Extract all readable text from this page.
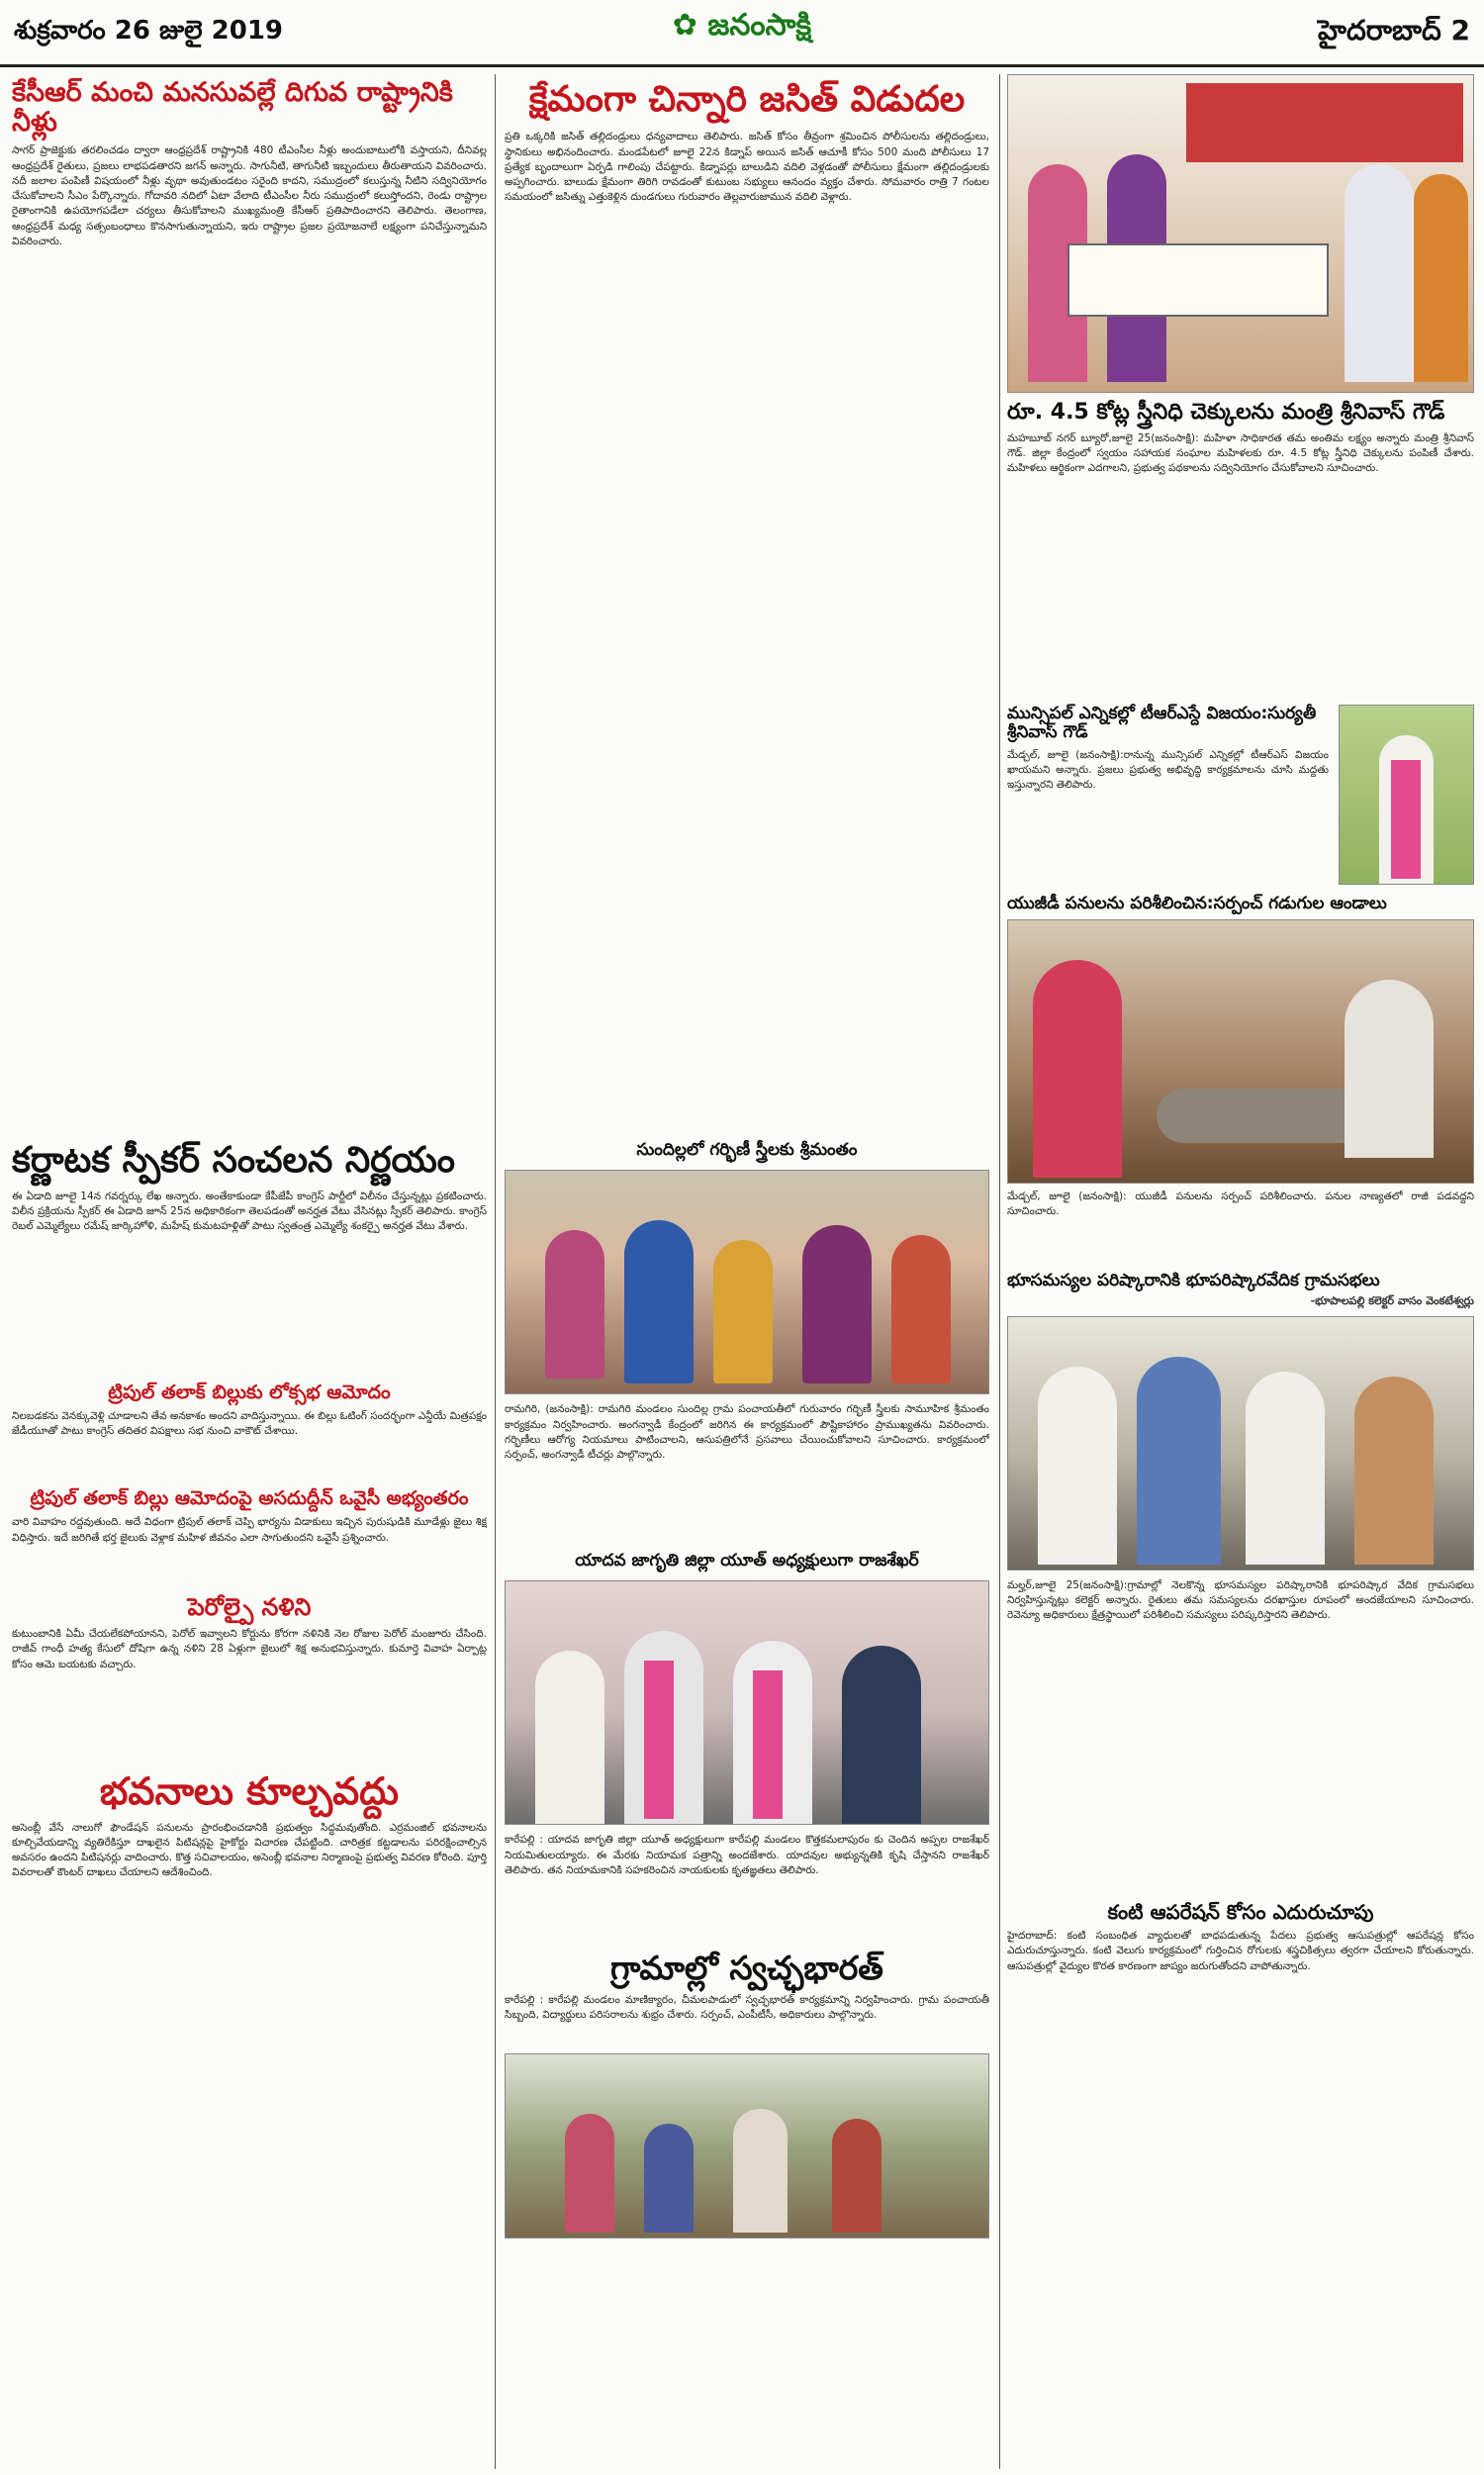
శుక్రవారం 26 జులై 2019	✿ జనంసాక్షి	హైదరాబాద్ 2
కేసీఆర్ మంచి మనసువల్లే దిగువ రాష్ట్రానికి నీళ్లు
సాగర్ ప్రాజెక్టుకు తరలించడం ద్వారా ఆంధ్రప్రదేశ్ రాష్ట్రానికి 480 టీఎంసీల నీళ్లు అందుబాటులోకి వస్తాయని, దీనివల్ల ఆంధ్రప్రదేశ్ రైతులు, ప్రజలు లాభపడతారని జగన్ అన్నారు. సాగునీటి, తాగునీటి ఇబ్బందులు తీరుతాయని వివరించారు. నదీ జలాల పంపిణీ విషయంలో నీళ్లు వృథా అవుతుండటం సరైంది కాదని, సముద్రంలో కలుస్తున్న నీటిని సద్వినియోగం చేసుకోవాలని సీఎం పేర్కొన్నారు. గోదావరి నదిలో ఏటా వేలాది టీఎంసీల నీరు సముద్రంలో కలుస్తోందని, రెండు రాష్ట్రాల రైతాంగానికి ఉపయోగపడేలా చర్యలు తీసుకోవాలని ముఖ్యమంత్రి కేసీఆర్ ప్రతిపాదించారని తెలిపారు. తెలంగాణ, ఆంధ్రప్రదేశ్ మధ్య సత్సంబంధాలు కొనసాగుతున్నాయని, ఇరు రాష్ట్రాల ప్రజల ప్రయోజనాలే లక్ష్యంగా పనిచేస్తున్నామని వివరించారు.
కర్ణాటక స్పీకర్ సంచలన నిర్ణయం
ఈ ఏడాది జూలై 14న గవర్నర్కు లేఖ అన్నారు. అంతేకాకుండా కేపీజేపీ కాంగ్రెస్ పార్టీలో విలీనం చేస్తున్నట్లు ప్రకటించారు. విలీన ప్రక్రియను స్పీకర్ ఈ ఏడాది జూన్ 25న అధికారికంగా తెలపడంతో అనర్హత వేటు వేసినట్లు స్పీకర్ తెలిపారు. కాంగ్రెస్ రెబల్ ఎమ్మెల్యేలు రమేష్ జార్కిహోళి, మహేష్ కుమటహళ్లితో పాటు స్వతంత్ర ఎమ్మెల్యే శంకర్పై అనర్హత వేటు వేశారు.
ట్రిపుల్ తలాక్ బిల్లుకు లోక్సభ ఆమోదం
నిలబడకను వెనక్కువెళ్లి చూడాలని తేవ అనకాశం అందని వాదిస్తున్నాయి. ఈ బిల్లు ఓటింగ్ సందర్భంగా ఎన్డీయే మిత్రపక్షం జేడీయూతో పాటు కాంగ్రెస్ తదితర విపక్షాలు సభ నుంచి వాకౌట్ చేశాయి.
ట్రిపుల్ తలాక్ బిల్లు ఆమోదంపై అసదుద్దీన్ ఒవైసీ అభ్యంతరం
వారి వివాహం రద్దవుతుంది. అదే విధంగా ట్రిపుల్ తలాక్ చెప్పి భార్యను విడాకులు ఇచ్చిన పురుషుడికి మూడేళ్లు జైలు శిక్ష విధిస్తారు. ఇదే జరిగితే భర్త జైలుకు వెళ్లాక మహిళ జీవనం ఎలా సాగుతుందని ఒవైసీ ప్రశ్నించారు.
పెరోల్పై నళిని
కుటుంబానికి ఏమీ చేయలేకపోయానని, పెరోల్ ఇవ్వాలని కోర్టును కోరగా నళినికి నెల రోజుల పెరోల్ మంజూరు చేసింది. రాజీవ్ గాంధీ హత్య కేసులో దోషిగా ఉన్న నళిని 28 ఏళ్లుగా జైలులో శిక్ష అనుభవిస్తున్నారు. కుమార్తె వివాహ ఏర్పాట్ల కోసం ఆమె బయటకు వచ్చారు.
భవనాలు కూల్చవద్దు
అసెంబ్లీ వేసే నాలుగో ఫౌండేషన్ పనులను ప్రారంభించడానికి ప్రభుత్వం సిద్ధమవుతోంది. ఎర్రమంజిల్ భవనాలను కూల్చివేయడాన్ని వ్యతిరేకిస్తూ దాఖలైన పిటిషన్లపై హైకోర్టు విచారణ చేపట్టింది. చారిత్రక కట్టడాలను పరిరక్షించాల్సిన అవసరం ఉందని పిటిషనర్లు వాదించారు. కొత్త సచివాలయం, అసెంబ్లీ భవనాల నిర్మాణంపై ప్రభుత్వ వివరణ కోరింది. పూర్తి వివరాలతో కౌంటర్ దాఖలు చేయాలని ఆదేశించింది.
క్షేమంగా చిన్నారి జసిత్ విడుదల
ప్రతి ఒక్కరికి జసిత్ తల్లిదండ్రులు ధన్యవాదాలు తెలిపారు. జసిత్ కోసం తీవ్రంగా శ్రమించిన పోలీసులను తల్లిదండ్రులు, స్థానికులు అభినందించారు. మండపేటలో జూలై 22న కిడ్నాప్ అయిన జసిత్ ఆచూకీ కోసం 500 మంది పోలీసులు 17 ప్రత్యేక బృందాలుగా ఏర్పడి గాలింపు చేపట్టారు. కిడ్నాపర్లు బాలుడిని వదిలి వెళ్లడంతో పోలీసులు క్షేమంగా తల్లిదండ్రులకు అప్పగించారు. బాలుడు క్షేమంగా తిరిగి రావడంతో కుటుంబ సభ్యులు ఆనందం వ్యక్తం చేశారు. సోమవారం రాత్రి 7 గంటల సమయంలో జసిత్ను ఎత్తుకెళ్లిన దుండగులు గురువారం తెల్లవారుజామున వదిలి వెళ్లారు.
సుందిల్లలో గర్భిణీ స్త్రీలకు శ్రీమంతం
రామగిరి, (జనంసాక్షి): రామగిరి మండలం సుందిల్ల గ్రామ పంచాయతీలో గురువారం గర్భిణీ స్త్రీలకు సామూహిక శ్రీమంతం కార్యక్రమం నిర్వహించారు. అంగన్వాడీ కేంద్రంలో జరిగిన ఈ కార్యక్రమంలో పౌష్టికాహారం ప్రాముఖ్యతను వివరించారు. గర్భిణీలు ఆరోగ్య నియమాలు పాటించాలని, ఆసుపత్రిలోనే ప్రసవాలు చేయించుకోవాలని సూచించారు. కార్యక్రమంలో సర్పంచ్, అంగన్వాడీ టీచర్లు పాల్గొన్నారు.
యాదవ జాగృతి జిల్లా యూత్ అధ్యక్షులుగా రాజశేఖర్
కారేపల్లి : యాదవ జాగృతి జిల్లా యూత్ అధ్యక్షులుగా కారేపల్లి మండలం కొత్తకమలాపురం కు చెందిన అప్పల రాజశేఖర్ నియమితులయ్యారు. ఈ మేరకు నియామక పత్రాన్ని అందజేశారు. యాదవుల అభ్యున్నతికి కృషి చేస్తానని రాజశేఖర్ తెలిపారు. తన నియామకానికి సహకరించిన నాయకులకు కృతజ్ఞతలు తెలిపారు.
గ్రామాల్లో స్వచ్ఛభారత్
కారేపల్లి : కారేపల్లి మండలం మాణిక్యారం, చీమలపాడులో స్వచ్ఛభారత్ కార్యక్రమాన్ని నిర్వహించారు. గ్రామ పంచాయతీ సిబ్బంది, విద్యార్థులు పరిసరాలను శుభ్రం చేశారు. సర్పంచ్, ఎంపీటీసీ, అధికారులు పాల్గొన్నారు.
రూ. 4.5 కోట్ల స్త్రీనిధి చెక్కులను మంత్రి శ్రీనివాస్ గౌడ్
మహబూబ్ నగర్ బ్యూరో,జూలై 25(జనంసాక్షి): మహిళా సాధికారత తమ అంతిమ లక్ష్యం అన్నారు మంత్రి శ్రీనివాస్ గౌడ్. జిల్లా కేంద్రంలో స్వయం సహాయక సంఘాల మహిళలకు రూ. 4.5 కోట్ల స్త్రీనిధి చెక్కులను పంపిణీ చేశారు. మహిళలు ఆర్థికంగా ఎదగాలని, ప్రభుత్వ పథకాలను సద్వినియోగం చేసుకోవాలని సూచించారు.
మున్సిపల్ ఎన్నికల్లో టీఆర్ఎస్దే విజయం:సుర్యతీ శ్రీనివాస్ గౌడ్
మేడ్చల్, జూలై (జనంసాక్షి):రానున్న మున్సిపల్ ఎన్నికల్లో టీఆర్ఎస్ విజయం ఖాయమని అన్నారు. ప్రజలు ప్రభుత్వ అభివృద్ధి కార్యక్రమాలను చూసి మద్దతు ఇస్తున్నారని తెలిపారు.
యుజీడీ పనులను పరిశీలించిన:సర్పంచ్ గడుగుల ఆండాలు
మేడ్చల్, జూలై (జనంసాక్షి): యుజీడీ పనులను సర్పంచ్ పరిశీలించారు. పనుల నాణ్యతలో రాజీ పడవద్దని సూచించారు.
భూసమస్యల పరిష్కారానికి భూపరిష్కారవేదిక గ్రామసభలు
-భూపాలపల్లి కలెక్టర్ వాసం వెంకటేశ్వర్లు
మల్హర్,జూలై 25(జనంసాక్షి):గ్రామాల్లో నెలకొన్న భూసమస్యల పరిష్కారానికి భూపరిష్కార వేదిక గ్రామసభలు నిర్వహిస్తున్నట్లు కలెక్టర్ అన్నారు. రైతులు తమ సమస్యలను దరఖాస్తుల రూపంలో అందజేయాలని సూచించారు. రెవెన్యూ అధికారులు క్షేత్రస్థాయిలో పరిశీలించి సమస్యలు పరిష్కరిస్తారని తెలిపారు.
కంటి ఆపరేషన్ కోసం ఎదురుచూపు
హైదరాబాద్: కంటి సంబంధిత వ్యాధులతో బాధపడుతున్న పేదలు ప్రభుత్వ ఆసుపత్రుల్లో ఆపరేషన్ల కోసం ఎదురుచూస్తున్నారు. కంటి వెలుగు కార్యక్రమంలో గుర్తించిన రోగులకు శస్త్రచికిత్సలు త్వరగా చేయాలని కోరుతున్నారు. ఆసుపత్రుల్లో వైద్యుల కొరత కారణంగా జాప్యం జరుగుతోందని వాపోతున్నారు.
